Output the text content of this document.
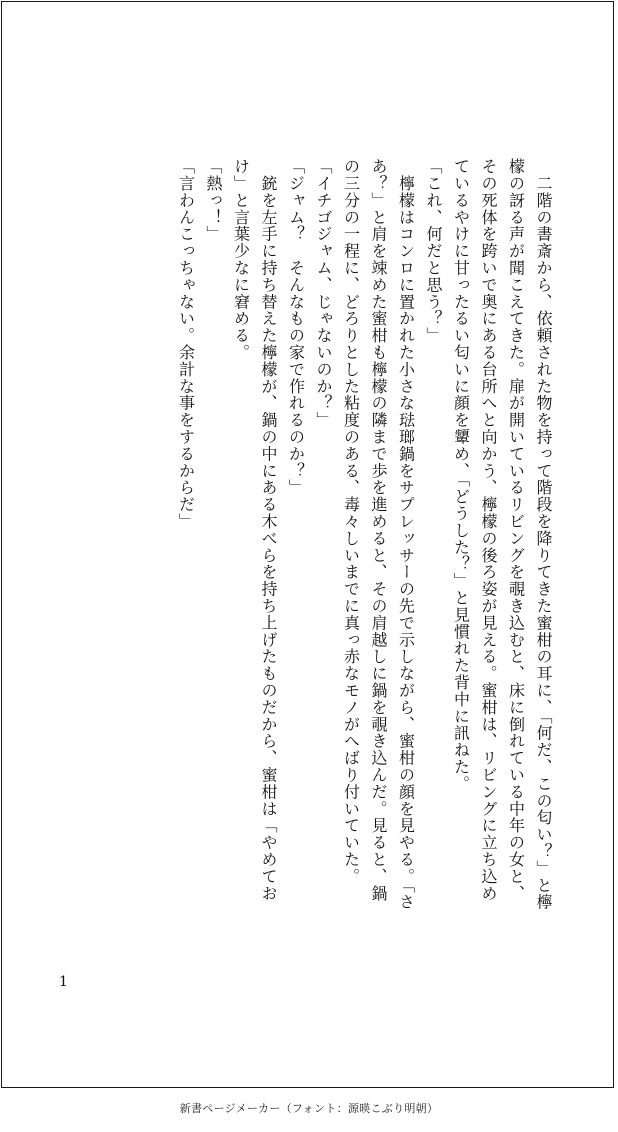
　二階の書斎から、依頼された物を持って階段を降りてきた蜜柑の耳に、「何だ、この匂い？」と檸檬の訝る声が聞こえてきた。扉が開いているリビングを覗き込むと、床に倒れている中年の女と、その死体を跨いで奥にある台所へと向かう、檸檬の後ろ姿が見える。蜜柑は、リビングに立ち込めているやけに甘ったるい匂いに顔を顰め、「どうした？」と見慣れた背中に訊ねた。

「これ、何だと思う？」

　檸檬はコンロに置かれた小さな琺瑯鍋をサプレッサーの先で示しながら、蜜柑の顔を見やる。「さあ？」と肩を竦めた蜜柑も檸檬の隣まで歩を進めると、その肩越しに鍋を覗き込んだ。見ると、鍋の三分の一程に、どろりとした粘度のある、毒々しいまでに真っ赤なモノがへばり付いていた。

「イチゴジャム、じゃないのか？」

「ジャム？　そんなもの家で作れるのか？」

　銃を左手に持ち替えた檸檬が、鍋の中にある木べらを持ち上げたものだから、蜜柑は「やめておけ」と言葉少なに窘める。

「熱っ！」

「言わんこっちゃない。余計な事をするからだ」

1
新書ページメーカー（フォント：源暎こぶり明朝）
